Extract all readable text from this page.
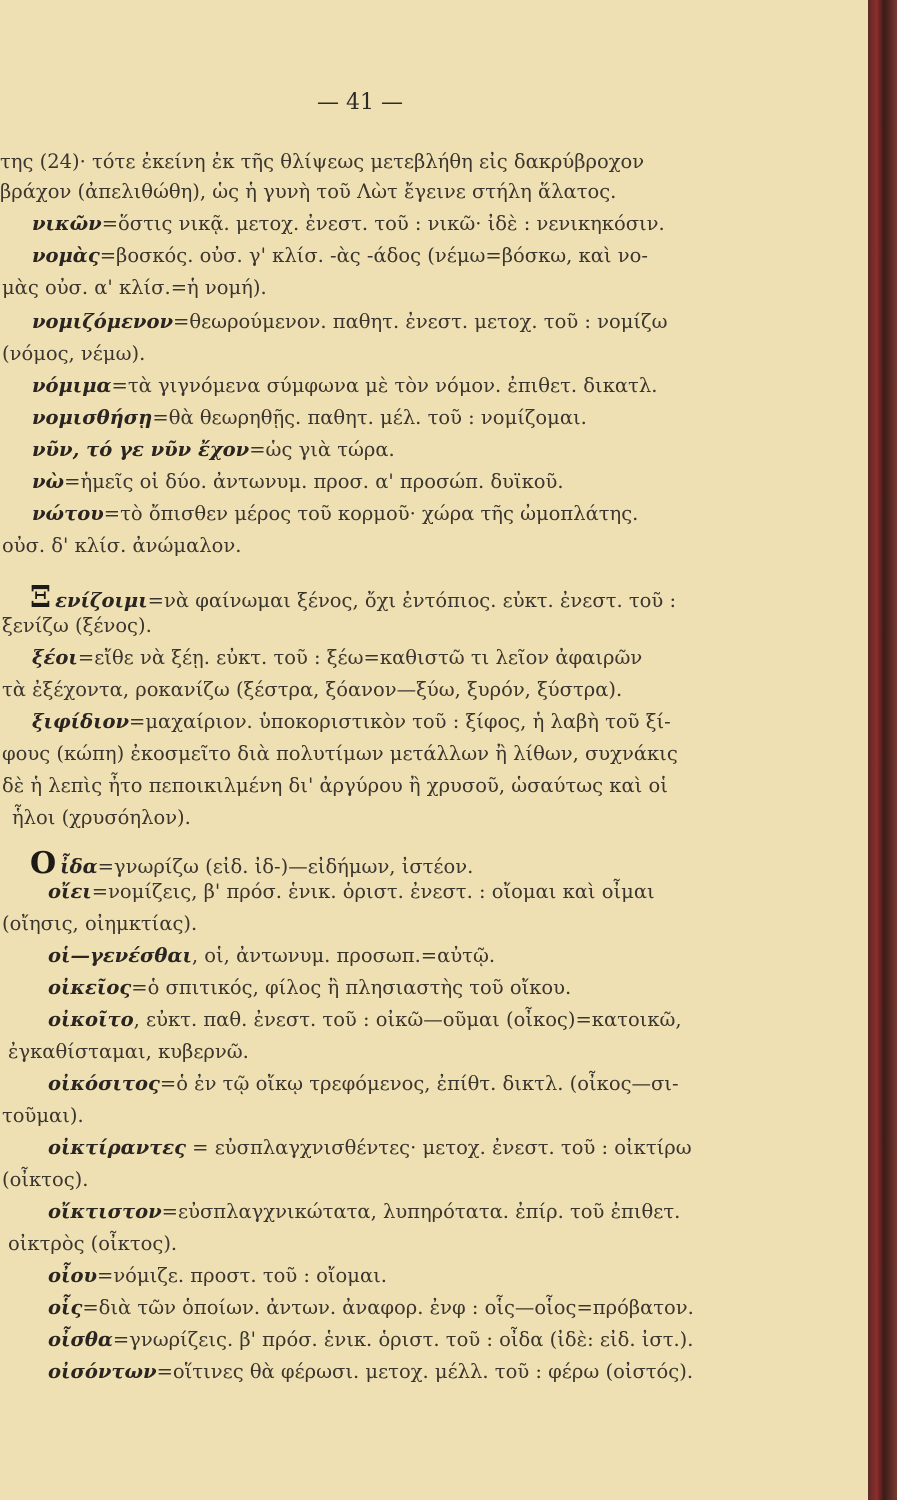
— 41 —
της (24)· τότε ἐκείνη ἐκ τῆς θλίψεως μετεβλήθη εἰς δακρύβροχον
βράχον (ἀπελιθώθη), ὡς ἡ γυνὴ τοῦ Λὼτ ἔγεινε στήλη ἅλατος.
νικῶν=ὅστις νικᾷ. μετοχ. ἐνεστ. τοῦ : νικῶ· ἰδὲ : νενικηκόσιν.
νομὰς=βοσκός. οὐσ. γ' κλίσ. -ὰς -άδος (νέμω=βόσκω, καὶ νο-
μὰς οὐσ. α' κλίσ.=ἡ νομή).
νομιζόμενον=θεωρούμενον. παθητ. ἐνεστ. μετοχ. τοῦ : νομίζω
(νόμος, νέμω).
νόμιμα=τὰ γιγνόμενα σύμφωνα μὲ τὸν νόμον. ἐπιθετ. δικατλ.
νομισθήσῃ=θὰ θεωρηθῇς. παθητ. μέλ. τοῦ : νομίζομαι.
νῦν, τό γε νῦν ἔχον=ὡς γιὰ τώρα.
νὼ=ἡμεῖς οἱ δύο. ἀντωνυμ. προσ. α' προσώπ. δυϊκοῦ.
νώτου=τὸ ὄπισθεν μέρος τοῦ κορμοῦ· χώρα τῆς ὠμοπλάτης.
οὐσ. δ' κλίσ. ἀνώμαλον.
Ξενίζοιμι=νὰ φαίνωμαι ξένος, ὄχι ἐντόπιος. εὐκτ. ἐνεστ. τοῦ :
ξενίζω (ξένος).
ξέοι=εἴθε νὰ ξέῃ. εὐκτ. τοῦ : ξέω=καθιστῶ τι λεῖον ἀφαιρῶν
τὰ ἐξέχοντα, ροκανίζω (ξέστρα, ξόανον—ξύω, ξυρόν, ξύστρα).
ξιφίδιον=μαχαίριον. ὑποκοριστικὸν τοῦ : ξίφος, ἡ λαβὴ τοῦ ξί-
φους (κώπη) ἐκοσμεῖτο διὰ πολυτίμων μετάλλων ἢ λίθων, συχνάκις
δὲ ἡ λεπὶς ἦτο πεποικιλμένη δι' ἀργύρου ἢ χρυσοῦ, ὡσαύτως καὶ οἱ
ἧλοι (χρυσόηλον).
Oἶδα=γνωρίζω (εἰδ. ἰδ-)—εἰδήμων, ἰστέον.
οἴει=νομίζεις, β' πρόσ. ἑνικ. ὁριστ. ἐνεστ. : οἴομαι καὶ οἶμαι
(οἴησις, οἰημκτίας).
οἱ—γενέσθαι, οἱ, ἀντωνυμ. προσωπ.=αὐτῷ.
οἰκεῖος=ὁ σπιτικός, φίλος ἢ πλησιαστὴς τοῦ οἴκου.
οἰκοῖτο, εὐκτ. παθ. ἐνεστ. τοῦ : οἰκῶ—οῦμαι (οἶκος)=κατοικῶ,
ἐγκαθίσταμαι, κυβερνῶ.
οἰκόσιτος=ὁ ἐν τῷ οἴκῳ τρεφόμενος, ἐπίθτ. δικτλ. (οἶκος—σι-
τοῦμαι).
οἰκτίραντες = εὐσπλαγχνισθέντες· μετοχ. ἐνεστ. τοῦ : οἰκτίρω
(οἶκτος).
οἴκτιστον=εὐσπλαγχνικώτατα, λυπηρότατα. ἐπίρ. τοῦ ἐπιθετ.
οἰκτρὸς (οἶκτος).
οἶου=νόμιζε. προστ. τοῦ : οἴομαι.
οἷς=διὰ τῶν ὁποίων. ἀντων. ἀναφορ. ἐνφ : οἷς—οἷος=πρόβατον.
οἶσθα=γνωρίζεις. β' πρόσ. ἑνικ. ὁριστ. τοῦ : οἶδα (ἰδὲ: εἰδ. ἰστ.).
οἰσόντων=οἵτινες θὰ φέρωσι. μετοχ. μέλλ. τοῦ : φέρω (οἰστός).
